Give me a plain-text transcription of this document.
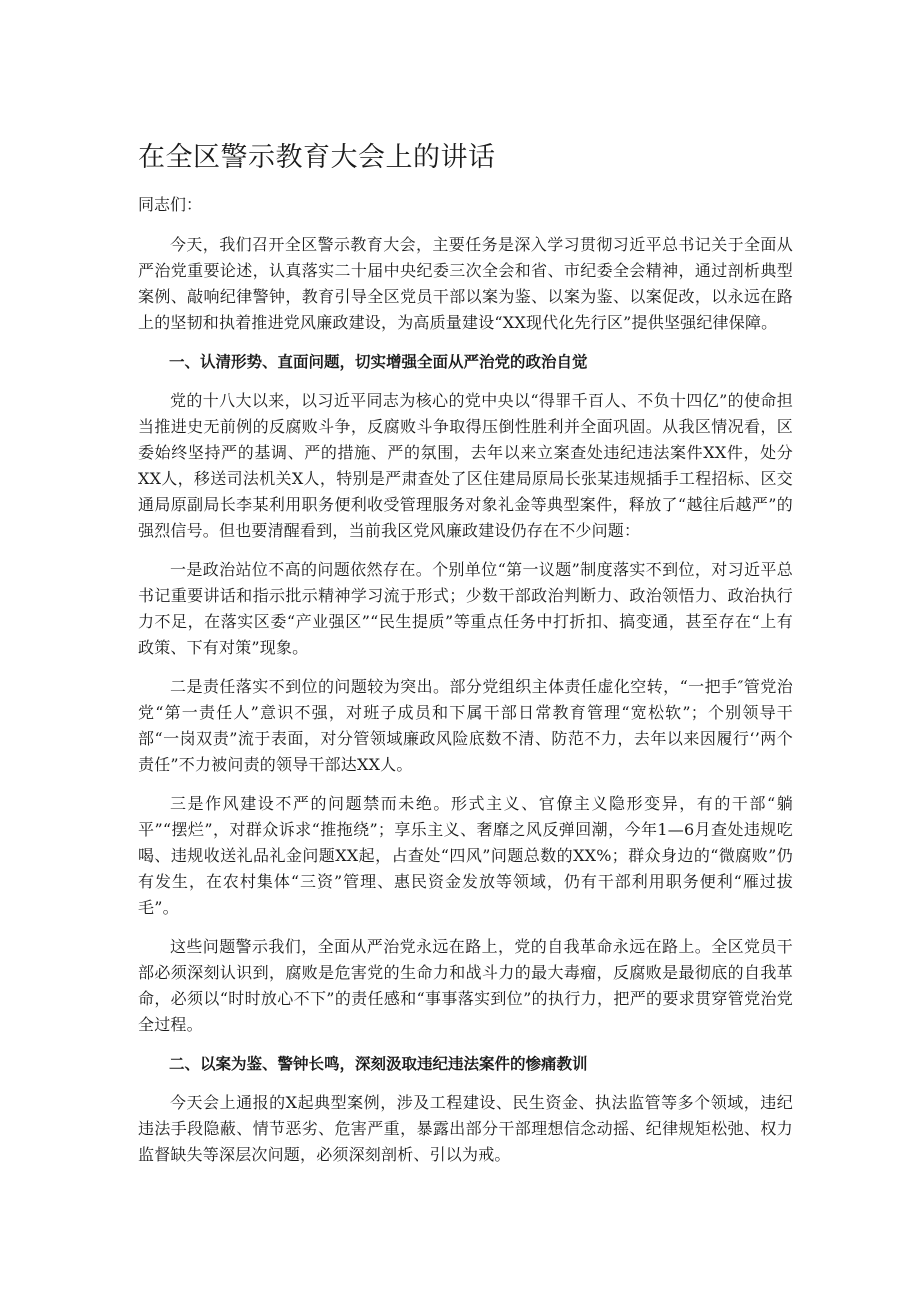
在全区警示教育大会上的讲话
同志们：

今天，我们召开全区警示教育大会，主要任务是深入学习贯彻习近平总书记关于全面从严治党重要论述，认真落实二十届中央纪委三次全会和省、市纪委全会精神，通过剖析典型案例、敲响纪律警钟，教育引导全区党员干部以案为鉴、以案为鉴、以案促改，以永远在路上的坚韧和执着推进党风廉政建设，为高质量建设“XX现代化先行区”提供坚强纪律保障。

一、认清形势、直面问题，切实增强全面从严治党的政治自觉

党的十八大以来，以习近平同志为核心的党中央以“得罪千百人、不负十四亿”的使命担当推进史无前例的反腐败斗争，反腐败斗争取得压倒性胜利并全面巩固。从我区情况看，区委始终坚持严的基调、严的措施、严的氛围，去年以来立案查处违纪违法案件XX件，处分XX人，移送司法机关X人，特别是严肃查处了区住建局原局长张某违规插手工程招标、区交通局原副局长李某利用职务便利收受管理服务对象礼金等典型案件，释放了“越往后越严”的强烈信号。但也要清醒看到，当前我区党风廉政建设仍存在不少问题：

一是政治站位不高的问题依然存在。个别单位“第一议题”制度落实不到位，对习近平总书记重要讲话和指示批示精神学习流于形式；少数干部政治判断力、政治领悟力、政治执行力不足，在落实区委“产业强区”“民生提质”等重点任务中打折扣、搞变通，甚至存在“上有政策、下有对策”现象。

二是责任落实不到位的问题较为突出。部分党组织主体责任虚化空转，“一把手″管党治党“第一责任人”意识不强，对班子成员和下属干部日常教育管理“宽松软”；个别领导干部“一岗双责”流于表面，对分管领域廉政风险底数不清、防范不力，去年以来因履行‘’两个责任”不力被问责的领导干部达XX人。

三是作风建设不严的问题禁而未绝。形式主义、官僚主义隐形变异，有的干部“躺平”“摆烂”，对群众诉求“推拖绕”；享乐主义、奢靡之风反弹回潮，今年1—6月查处违规吃喝、违规收送礼品礼金问题XX起，占查处“四风”问题总数的XX%；群众身边的“微腐败”仍有发生，在农村集体“三资”管理、惠民资金发放等领域，仍有干部利用职务便利“雁过拔毛”。

这些问题警示我们，全面从严治党永远在路上，党的自我革命永远在路上。全区党员干部必须深刻认识到，腐败是危害党的生命力和战斗力的最大毒瘤，反腐败是最彻底的自我革命，必须以“时时放心不下”的责任感和“事事落实到位”的执行力，把严的要求贯穿管党治党全过程。

二、以案为鉴、警钟长鸣，深刻汲取违纪违法案件的惨痛教训

今天会上通报的X起典型案例，涉及工程建设、民生资金、执法监管等多个领域，违纪违法手段隐蔽、情节恶劣、危害严重，暴露出部分干部理想信念动摇、纪律规矩松弛、权力监督缺失等深层次问题，必须深刻剖析、引以为戒。
